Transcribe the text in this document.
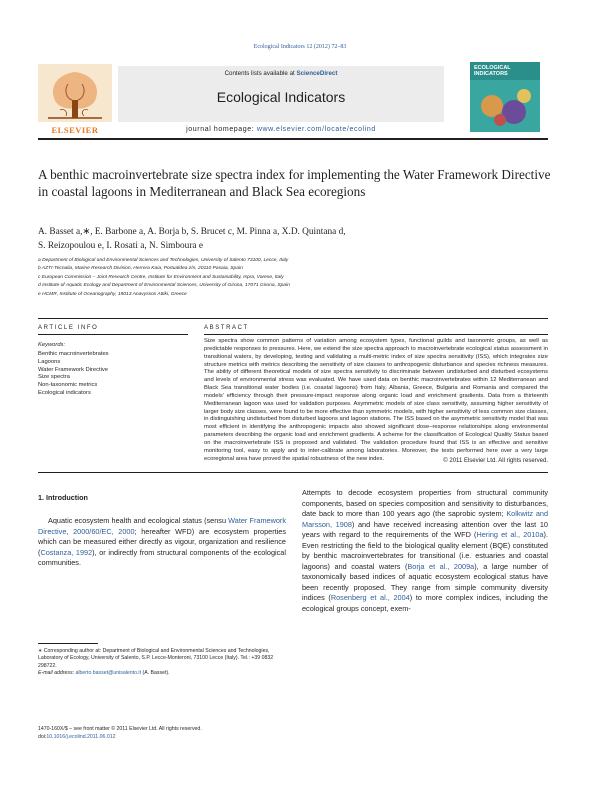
Ecological Indicators 12 (2012) 72–83
ELSEVIER
Contents lists available at ScienceDirect
Ecological Indicators
journal homepage: www.elsevier.com/locate/ecolind
ECOLOGICAL
INDICATORS
A benthic macroinvertebrate size spectra index for implementing the Water Framework Directive in coastal lagoons in Mediterranean and Black Sea ecoregions
A. Basset a,∗, E. Barbone a, A. Borja b, S. Brucet c, M. Pinna a, X.D. Quintana d,
S. Reizopoulou e, I. Rosati a, N. Simboura e
a Department of Biological and Environmental Sciences and Technologies, University of Salento 73100, Lecce, Italy
b AZTI-Tecnalia, Marine Research Division, Herrera Kaia, Portualdea z/n, 20110 Pasaia, Spain
c European Commission – Joint Research Centre, Institute for Environment and Sustainability, Ispra, Varese, Italy
d Institute of Aquatic Ecology and Department of Environmental Sciences, University of Girona, 17071 Girona, Spain
e HCMR, Institute of Oceanography, 19013 Anavyssos Attiki, Greece
ARTICLE INFO	ABSTRACT
Keywords:
Benthic macroinvertebrates
Lagoons
Water Framework Directive
Size spectra
Non-taxonomic metrics
Ecological indicators
Size spectra show common patterns of variation among ecosystem types, functional guilds and taxonomic groups, as well as predictable responses to pressures. Here, we extend the size spectra approach to macroinvertebrate ecological status assessment in transitional waters, by developing, testing and validating a multi-metric index of size spectra sensitivity (ISS), which integrates size structure metrics with metrics describing the sensitivity of size classes to anthropogenic disturbance and species richness measures. The ability of different theoretical models of size spectra sensitivity to discriminate between undisturbed and disturbed ecosystems and levels of environmental stress was evaluated. We have used data on benthic macroinvertebrates within 12 Mediterranean and Black Sea transitional water bodies (i.e. coastal lagoons) from Italy, Albania, Greece, Bulgaria and Romania and compared the models' efficiency through their pressure-impact response along organic load and enrichment gradients. Data from a thirteenth Mediterranean lagoon was used for validation purposes. Asymmetric models of size class sensitivity, assuming higher sensitivity of larger body size classes, were found to be more effective than symmetric models, with higher sensitivity of less common size classes, in distinguishing undisturbed from disturbed lagoons and lagoon stations. The ISS based on the asymmetric sensitivity model that was most efficient in identifying the anthropogenic impacts also showed significant dose–response relationships along environmental parameters describing the organic load and enrichment gradients. A scheme for the classification of Ecological Quality Status based on the macroinvertebrate ISS is proposed and validated. The validation procedure found that ISS is an effective and sensitive monitoring tool, easy to apply and to inter-calibrate among laboratories. Moreover, the tests performed here over a very large ecoregional area have proved the spatial robustness of the new index.	© 2011 Elsevier Ltd. All rights reserved.
1. Introduction
Aquatic ecosystem health and ecological status (sensu Water Framework Directive, 2000/60/EC, 2000; hereafter WFD) are ecosystem properties which can be measured either directly as vigour, organization and resilience (Costanza, 1992), or indirectly from structural components of the ecological communities.
Attempts to decode ecosystem properties from structural community components, based on species composition and sensitivity to disturbances, date back to more than 100 years ago (the saprobic system; Kolkwitz and Marsson, 1908) and have received increasing attention over the last 10 years with regard to the requirements of the WFD (Hering et al., 2010a). Even restricting the field to the biological quality element (BQE) constituted by benthic macroinvertebrates for transitional (i.e. estuaries and coastal lagoons) and coastal waters (Borja et al., 2009a), a large number of taxonomically based indices of aquatic ecosystem ecological status have been recently proposed. They range from simple community diversity indices (Rosenberg et al., 2004) to more complex indices, including the ecological groups concept, exem-
∗ Corresponding author at: Department of Biological and Environmental Sciences and Technologies, Laboratory of Ecology, University of Salento, S.P. Lecce-Monteroni, 73100 Lecce (Italy). Tel.: +39 0832 298722.
E-mail address: alberto.basset@unisalento.it (A. Basset).
1470-160X/$ – see front matter © 2011 Elsevier Ltd. All rights reserved.
doi:10.1016/j.ecolind.2011.06.012
